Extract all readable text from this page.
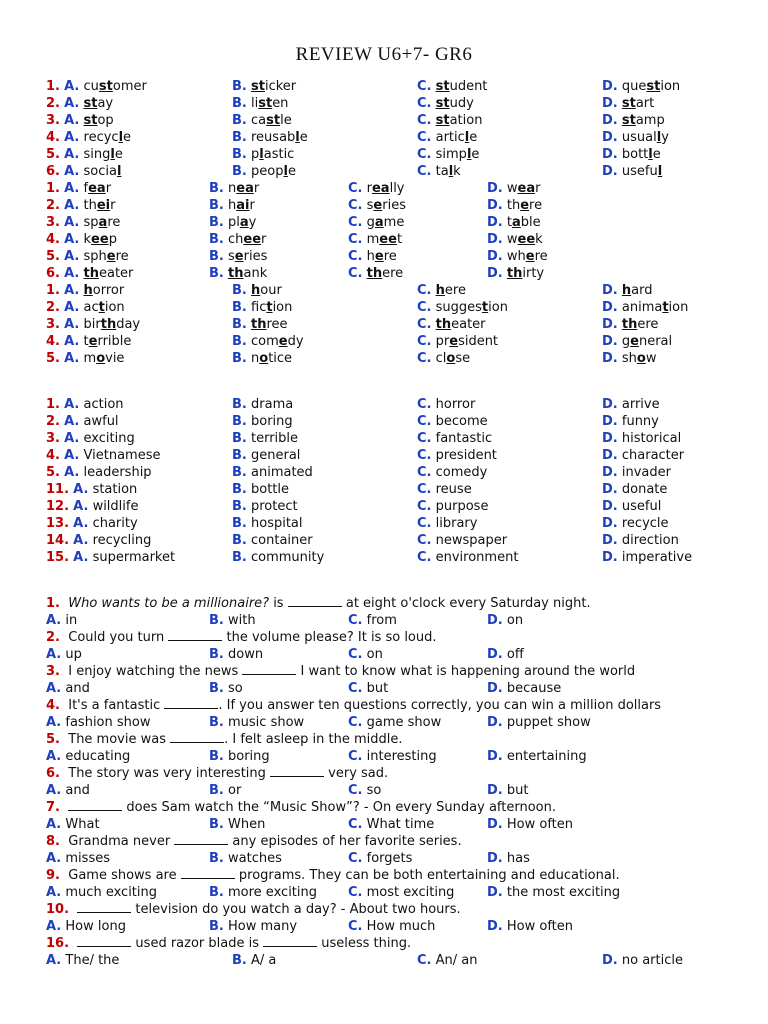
REVIEW U6+7- GR6
1. A. customer	B. sticker	C. student	D. question
2. A. stay	B. listen	C. study	D. start
3. A. stop	B. castle	C. station	D. stamp
4. A. recycle	B. reusable	C. article	D. usually
5. A. single	B. plastic	C. simple	D. bottle
6. A. social	B. people	C. talk	D. useful
1. A. fear	B. near	C. really	D. wear
2. A. their	B. hair	C. series	D. there
3. A. spare	B. play	C. game	D. table
4. A. keep	B. cheer	C. meet	D. week
5. A. sphere	B. series	C. here	D. where
6. A. theater	B. thank	C. there	D. thirty
1. A. horror	B. hour	C. here	D. hard
2. A. action	B. fiction	C. suggestion	D. animation
3. A. birthday	B. three	C. theater	D. there
4. A. terrible	B. comedy	C. president	D. general
5. A. movie	B. notice	C. close	D. show
1. A. action	B. drama	C. horror	D. arrive
2. A. awful	B. boring	C. become	D. funny
3. A. exciting	B. terrible	C. fantastic	D. historical
4. A. Vietnamese	B. general	C. president	D. character
5. A. leadership	B. animated	C. comedy	D. invader
11. A. station	B. bottle	C. reuse	D. donate
12. A. wildlife	B. protect	C. purpose	D. useful
13. A. charity	B. hospital	C. library	D. recycle
14. A. recycling	B. container	C. newspaper	D. direction
15. A. supermarket	B. community	C. environment	D. imperative
1. Who wants to be a millionaire? is	at eight o'clock every Saturday night.
A. in	B. with	C. from	D. on
2. Could you turn	the volume please? It is so loud.
A. up	B. down	C. on	D. off
3. I enjoy watching the news	I want to know what is happening around the world
A. and	B. so	C. but	D. because
4. It's a fantastic	. If you answer ten questions correctly, you can win a million dollars
A. fashion show	B. music show	C. game show	D. puppet show
5. The movie was	. I felt asleep in the middle.
A. educating	B. boring	C. interesting	D. entertaining
6. The story was very interesting	very sad.
A. and	B. or	C. so	D. but
7.	does Sam watch the “Music Show”? - On every Sunday afternoon.
A. What	B. When	C. What time	D. How often
8. Grandma never	any episodes of her favorite series.
A. misses	B. watches	C. forgets	D. has
9. Game shows are	programs. They can be both entertaining and educational.
A. much exciting	B. more exciting C. most exciting	D. the most exciting
10.	television do you watch a day? - About two hours.
A. How long	B. How many	C. How much	D. How often
16.	used razor blade is	useless thing.
A. The/ the	B. A/ a	C. An/ an	D. no article
